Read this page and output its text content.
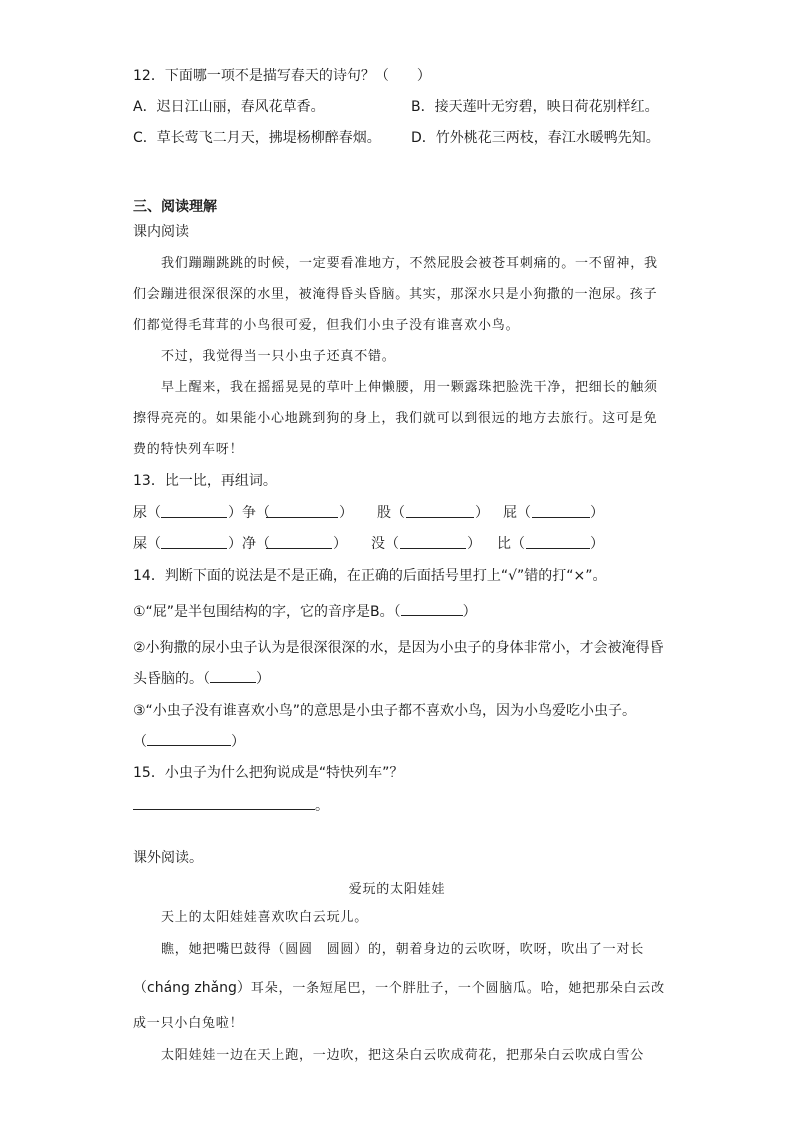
12．下面哪一项不是描写春天的诗句？（　　）
A．迟日江山丽，春风花草香。	B．接天莲叶无穷碧，映日荷花别样红。
C．草长莺飞二月天，拂堤杨柳醉春烟。 D．竹外桃花三两枝，春江水暖鸭先知。
三、阅读理解
课内阅读
我们蹦蹦跳跳的时候，一定要看准地方，不然屁股会被苍耳刺痛的。一不留神，我
们会蹦进很深很深的水里，被淹得昏头昏脑。其实，那深水只是小狗撒的一泡尿。孩子
们都觉得毛茸茸的小鸟很可爱，但我们小虫子没有谁喜欢小鸟。
不过，我觉得当一只小虫子还真不错。
早上醒来，我在摇摇晃晃的草叶上伸懒腰，用一颗露珠把脸洗干净，把细长的触须
擦得亮亮的。如果能小心地跳到狗的身上，我们就可以到很远的地方去旅行。这可是免
费的特快列车呀！
13．比一比，再组词。
尿（	）争（	） 股（	） 屁（	）
屎（	）净（	） 没（	） 比（	）
14．判断下面的说法是不是正确，在正确的后面括号里打上“√”错的打“×”。
①“屁”是半包围结构的字，它的音序是B。（	）
②小狗撒的尿小虫子认为是很深很深的水，是因为小虫子的身体非常小，才会被淹得昏
头昏脑的。（	）
③“小虫子没有谁喜欢小鸟”的意思是小虫子都不喜欢小鸟，因为小鸟爱吃小虫子。
（	）
15．小虫子为什么把狗说成是“特快列车”？
。
课外阅读。
爱玩的太阳娃娃
天上的太阳娃娃喜欢吹白云玩儿。
瞧，她把嘴巴鼓得（圆圆　圆圆）的，朝着身边的云吹呀，吹呀，吹出了一对长
（cháng zhǎng）耳朵，一条短尾巴，一个胖肚子，一个圆脑瓜。哈，她把那朵白云改
成一只小白兔啦！
太阳娃娃一边在天上跑，一边吹，把这朵白云吹成荷花，把那朵白云吹成白雪公
